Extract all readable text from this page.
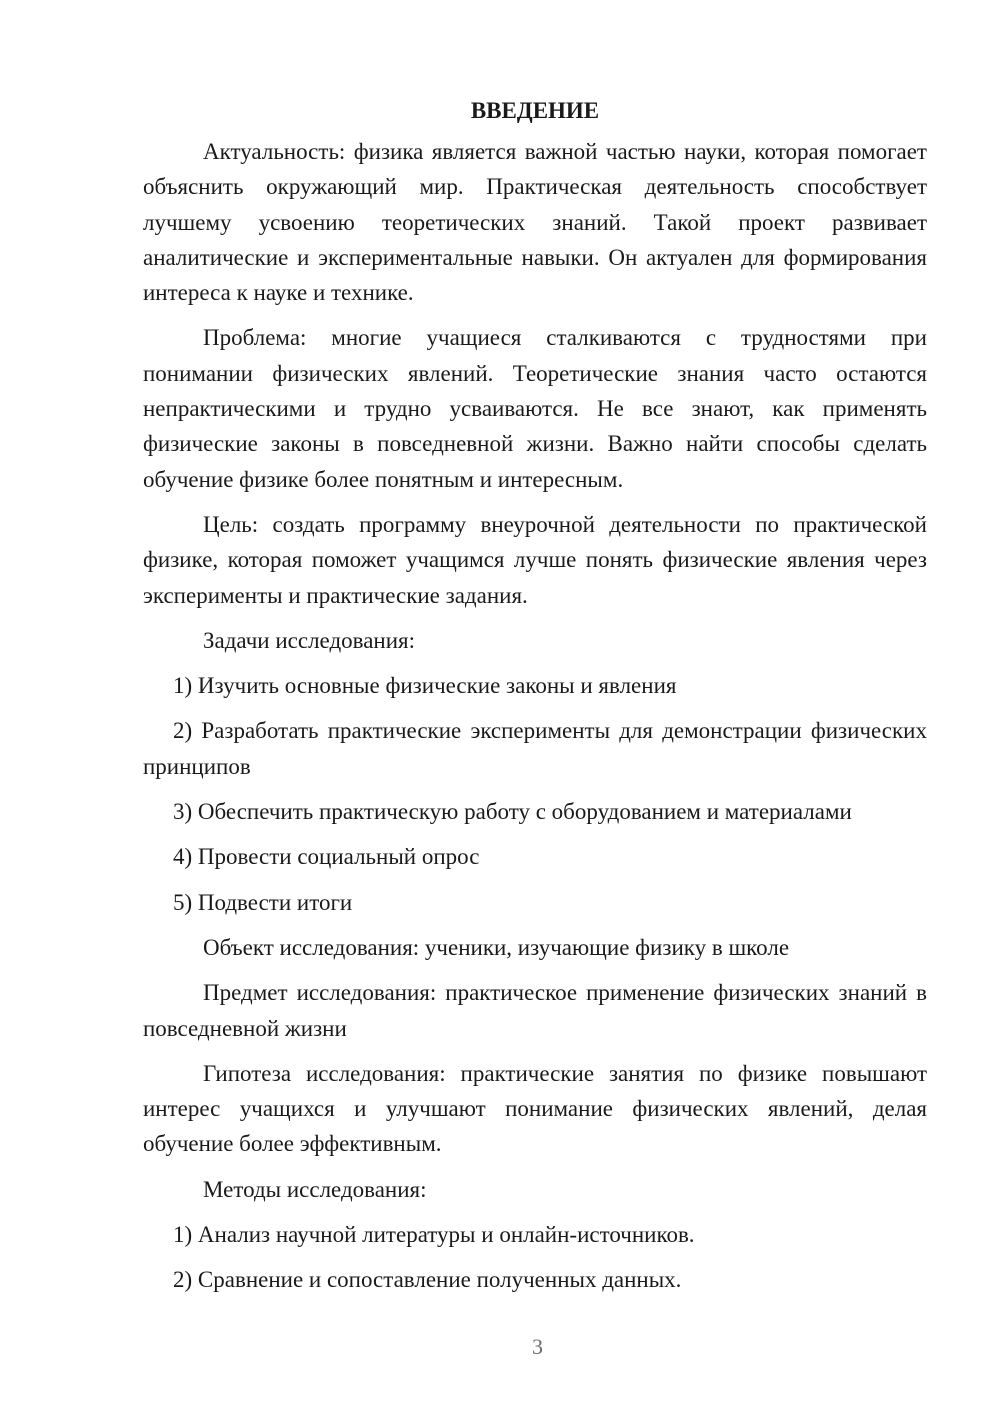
ВВЕДЕНИЕ

Актуальность: физика является важной частью науки, которая помогает объяснить окружающий мир. Практическая деятельность способствует лучшему усвоению теоретических знаний. Такой проект развивает аналитические и экспериментальные навыки. Он актуален для формирования интереса к науке и технике.

Проблема: многие учащиеся сталкиваются с трудностями при понимании физических явлений. Теоретические знания часто остаются непрактическими и трудно усваиваются. Не все знают, как применять физические законы в повседневной жизни. Важно найти способы сделать обучение физике более понятным и интересным.

Цель: создать программу внеурочной деятельности по практической физике, которая поможет учащимся лучше понять физические явления через эксперименты и практические задания.

Задачи исследования:

1) Изучить основные физические законы и явления

2) Разработать практические эксперименты для демонстрации физических принципов

3) Обеспечить практическую работу с оборудованием и материалами

4) Провести социальный опрос

5) Подвести итоги

Объект исследования: ученики, изучающие физику в школе

Предмет исследования: практическое применение физических знаний в повседневной жизни

Гипотеза исследования: практические занятия по физике повышают интерес учащихся и улучшают понимание физических явлений, делая обучение более эффективным.

Методы исследования:

1) Анализ научной литературы и онлайн-источников.

2) Сравнение и сопоставление полученных данных.

3
